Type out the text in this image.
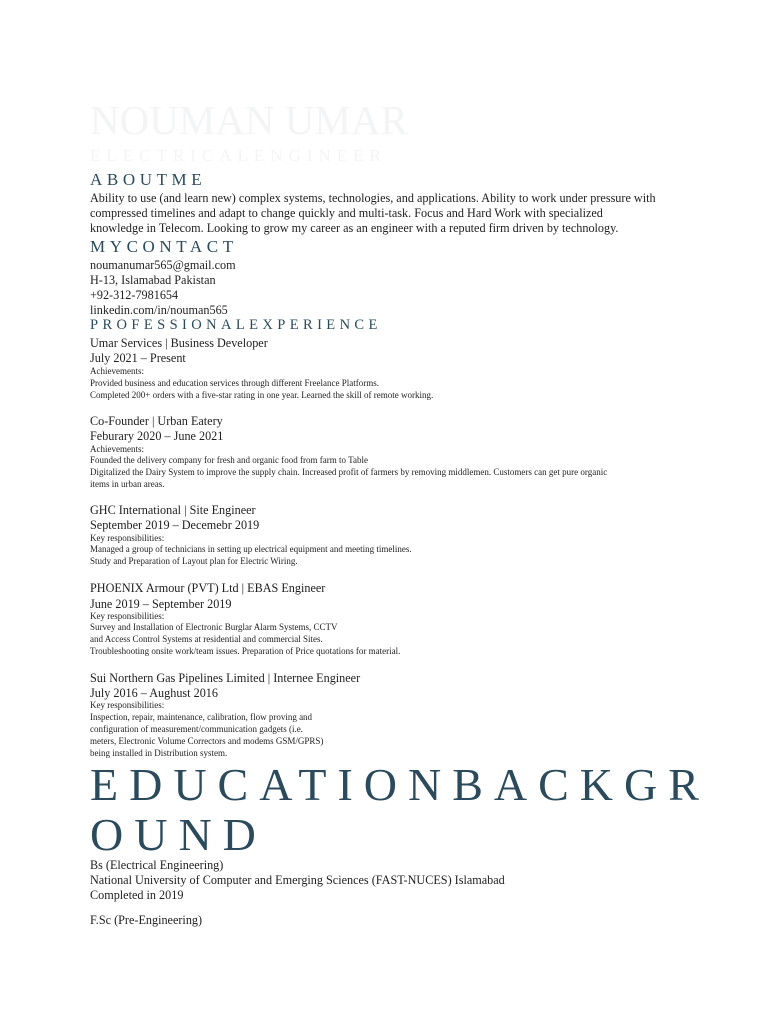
NOUMAN UMAR
ELECTRICALENGINEER
ABOUTME
Ability to use (and learn new) complex systems, technologies, and applications. Ability to work under pressure with
compressed timelines and adapt to change quickly and multi-task. Focus and Hard Work with specialized
knowledge in Telecom. Looking to grow my career as an engineer with a reputed firm driven by technology.
MYCONTACT
noumanumar565@gmail.com
H-13, Islamabad Pakistan
+92-312-7981654
linkedin.com/in/nouman565
PROFESSIONALEXPERIENCE
Umar Services | Business Developer
July 2021 – Present
Achievements:
Provided business and education services through different Freelance Platforms.
Completed 200+ orders with a five-star rating in one year. Learned the skill of remote working.
Co-Founder | Urban Eatery
Feburary 2020 – June 2021
Achievements:
Founded the delivery company for fresh and organic food from farm to Table
Digitalized the Dairy System to improve the supply chain. Increased profit of farmers by removing middlemen. Customers can get pure organic
items in urban areas.
GHC International | Site Engineer
September 2019 – Decemebr 2019
Key responsibilities:
Managed a group of technicians in setting up electrical equipment and meeting timelines.
Study and Preparation of Layout plan for Electric Wiring.
PHOENIX Armour (PVT) Ltd | EBAS Engineer
June 2019 – September 2019
Key responsibilities:
Survey and Installation of Electronic Burglar Alarm Systems, CCTV
and Access Control Systems at residential and commercial Sites.
Troubleshooting onsite work/team issues. Preparation of Price quotations for material.
Sui Northern Gas Pipelines Limited | Internee Engineer
July 2016 – Aughust 2016
Key responsibilities:
Inspection, repair, maintenance, calibration, flow proving and
configuration of measurement/communication gadgets (i.e.
meters, Electronic Volume Correctors and modems GSM/GPRS)
being installed in Distribution system.
EDUCATIONBACKGR
OUND
Bs (Electrical Engineering)
National University of Computer and Emerging Sciences (FAST-NUCES) Islamabad
Completed in 2019
F.Sc (Pre-Engineering)
